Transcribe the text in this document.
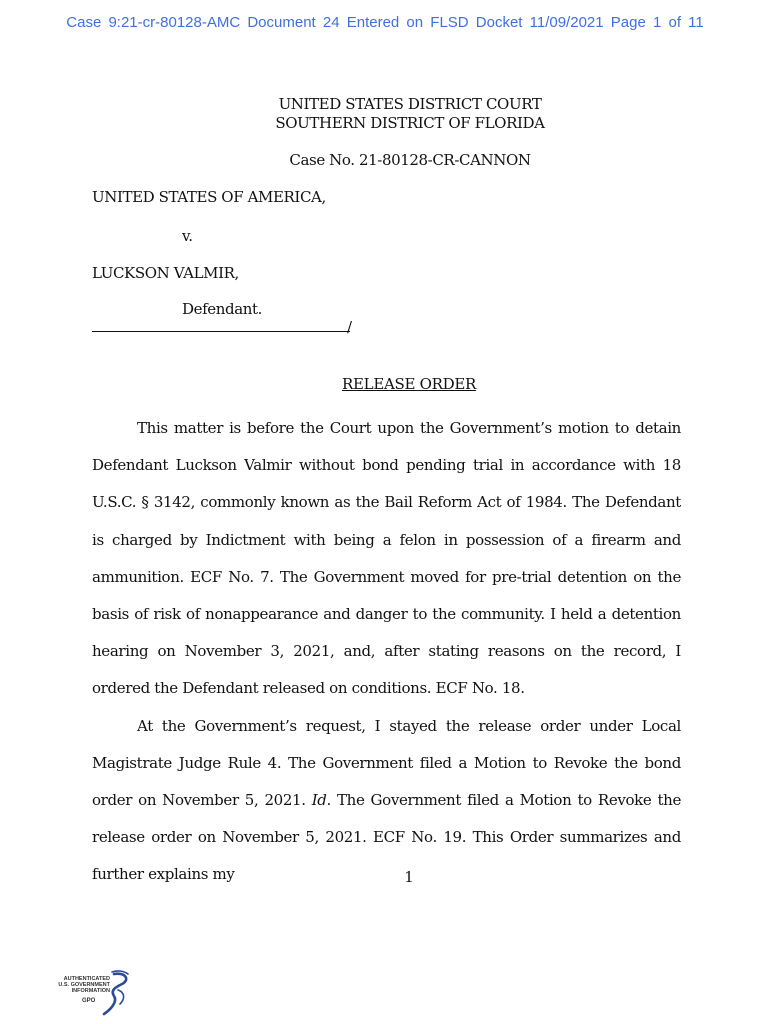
Case 9:21-cr-80128-AMC Document 24 Entered on FLSD Docket 11/09/2021 Page 1 of 11
UNITED STATES DISTRICT COURT
SOUTHERN DISTRICT OF FLORIDA
Case No. 21-80128-CR-CANNON
UNITED STATES OF AMERICA,
v.
LUCKSON VALMIR,
Defendant.
/
RELEASE ORDER

This matter is before the Court upon the Government’s motion to detain Defendant Luckson Valmir without bond pending trial in accordance with 18 U.S.C. § 3142, commonly known as the Bail Reform Act of 1984. The Defendant is charged by Indictment with being a felon in possession of a firearm and ammunition. ECF No. 7. The Government moved for pre-trial detention on the basis of risk of nonappearance and danger to the community. I held a detention hearing on November 3, 2021, and, after stating reasons on the record, I ordered the Defendant released on conditions. ECF No. 18.

At the Government’s request, I stayed the release order under Local Magistrate Judge Rule 4. The Government filed a Motion to Revoke the bond order on November 5, 2021. Id. The Government filed a Motion to Revoke the release order on November 5, 2021. ECF No. 19. This Order summarizes and further explains my	1
AUTHENTICATED
U.S. GOVERNMENT
INFORMATION
GPO
